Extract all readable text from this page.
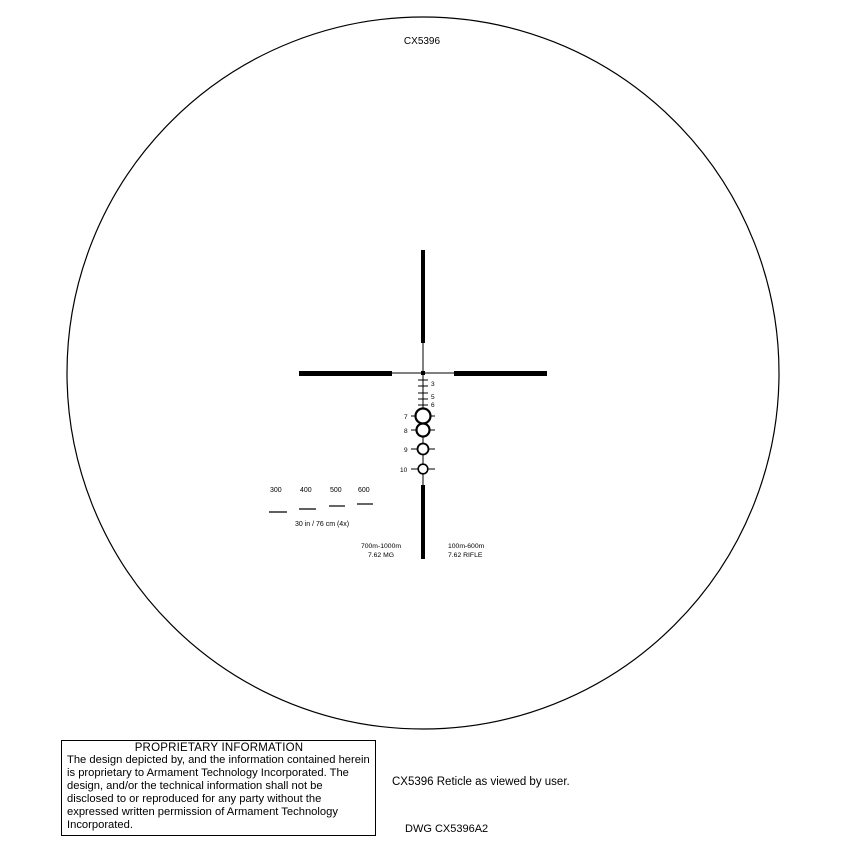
CX5396
3
5
6
7
8
9
10
300	400	500 600
30 in / 76 cm (4x)
700m-1000m
7.62 MG
100m-600m
7.62 RIFLE
PROPRIETARY INFORMATION
The design depicted by, and the information contained herein
is proprietary to Armament Technology Incorporated. The
design, and/or the technical information shall not be
disclosed to or reproduced for any party without the
expressed written permission of Armament Technology
Incorporated.
CX5396 Reticle as viewed by user.
DWG CX5396A2
